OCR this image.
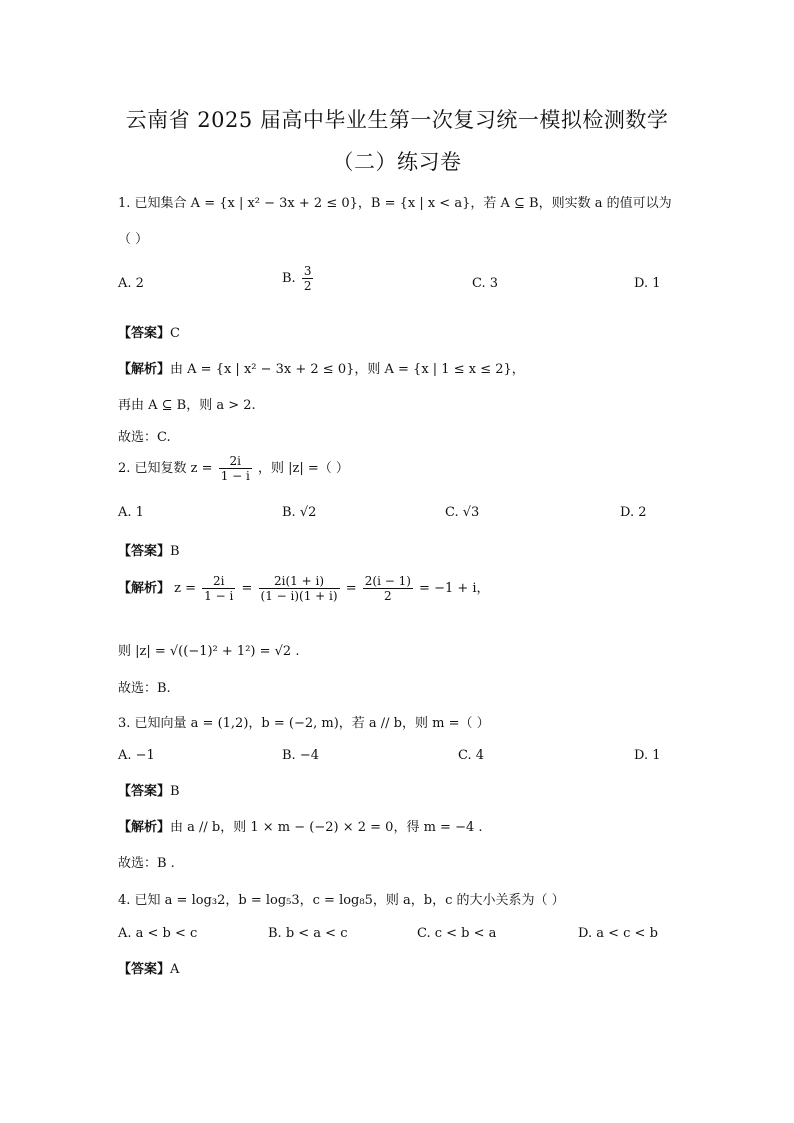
云南省 2025 届高中毕业生第一次复习统一模拟检测数学
（二）练习卷
1. 已知集合 A = {x | x² − 3x + 2 ≤ 0}，B = {x | x < a}，若 A ⊆ B，则实数 a 的值可以为
（ ）
A. 2	B. $\frac{3}{2}$	C. 3	D. 1
【答案】C
【解析】由 A = {x | x² − 3x + 2 ≤ 0}，则 A = {x | 1 ≤ x ≤ 2}，
再由 A ⊆ B，则 a > 2.
故选：C.
2. 已知复数 $z = \frac{2i}{1 - i}$ ，则 |z| =（ ）
A. 1	B. √2	C. √3	D. 2
【答案】B
【解析】 $z = \frac{2i}{1 - i} = \frac{2i(1 + i)}{(1 - i)(1 + i)} = \frac{2(i - 1)}{2} = -1 + i$，
则 |z| = √((−1)² + 1²) = √2 .
故选：B.
3. 已知向量 a = (1,2)，b = (−2, m)，若 a // b，则 m =（ ）
A. −1	B. −4	C. 4	D. 1
【答案】B
【解析】由 a // b，则 1 × m − (−2) × 2 = 0，得 m = −4 .
故选：B .
4. 已知 a = log₃2，b = log₅3，c = log₈5，则 a，b，c 的大小关系为（ ）
A. a < b < c	B. b < a < c	C. c < b < a	D. a < c < b
【答案】A
